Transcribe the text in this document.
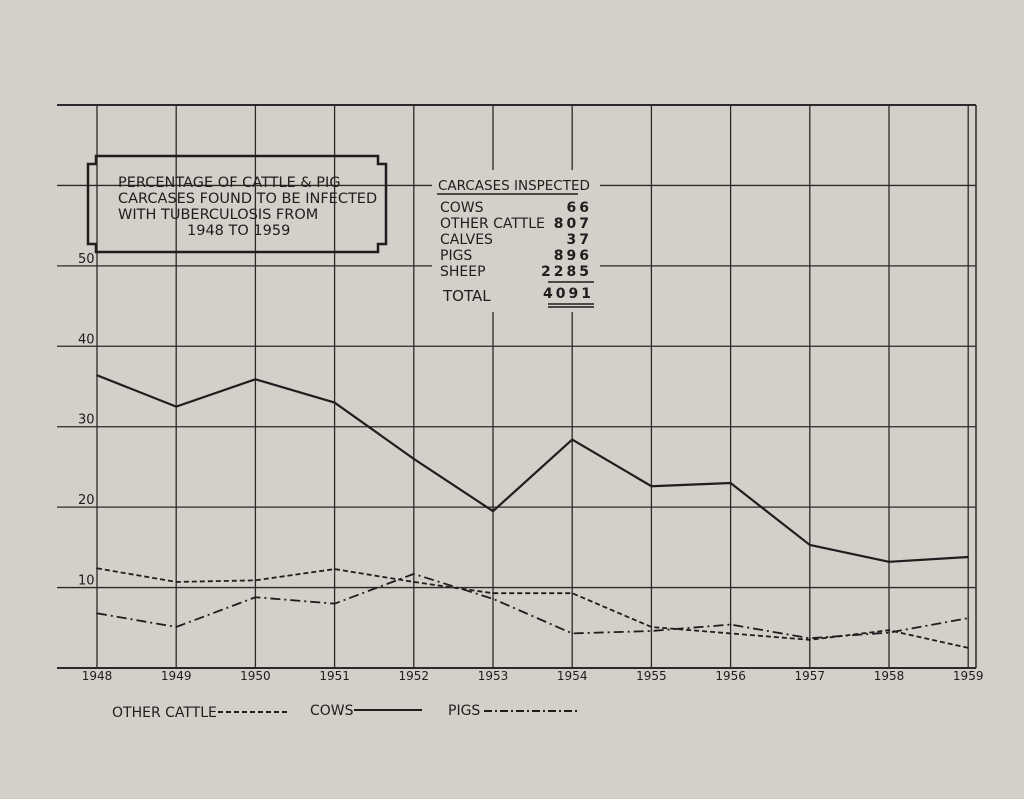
10
20
30
40
50
1948	1949	1950	1951	1952	1953	1954	1955	1956	1957	1958	1959
PERCENTAGE OF CATTLE & PIG
CARCASES FOUND TO BE INFECTED
WITH TUBERCULOSIS FROM
1948 TO 1959
CARCASES INSPECTED
COWS	66
OTHER CATTLE 807
CALVES	37
PIGS	896
SHEEP	2285
TOTAL	4091
OTHER CATTLE	COWS	PIGS
